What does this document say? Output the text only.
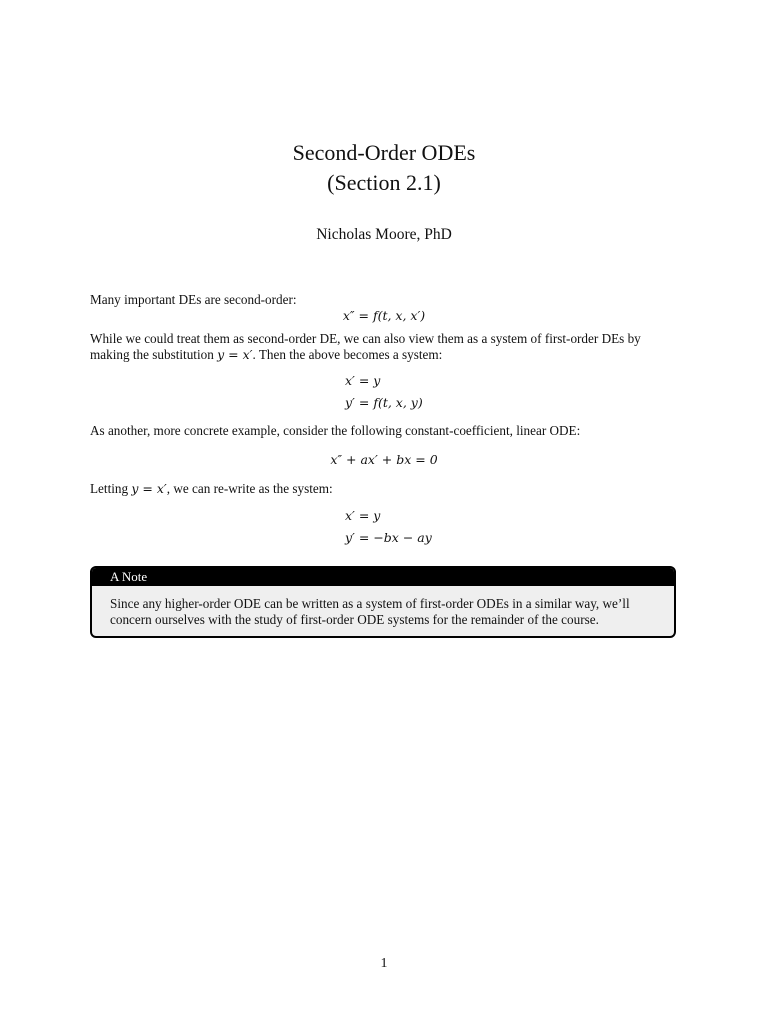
Second-Order ODEs
(Section 2.1)
Nicholas Moore, PhD
Many important DEs are second-order:
x″ = f(t, x, x′)
While we could treat them as second-order DE, we can also view them as a system of first-order DEs by making the substitution y = x′. Then the above becomes a system:
x′ = y
y′ = f(t, x, y)
As another, more concrete example, consider the following constant-coefficient, linear ODE:
x″ + ax′ + bx = 0
Letting y = x′, we can re-write as the system:
x′ = y
y′ = −bx − ay
A Note
Since any higher-order ODE can be written as a system of first-order ODEs in a similar way, we’ll concern ourselves with the study of first-order ODE systems for the remainder of the course.
1
